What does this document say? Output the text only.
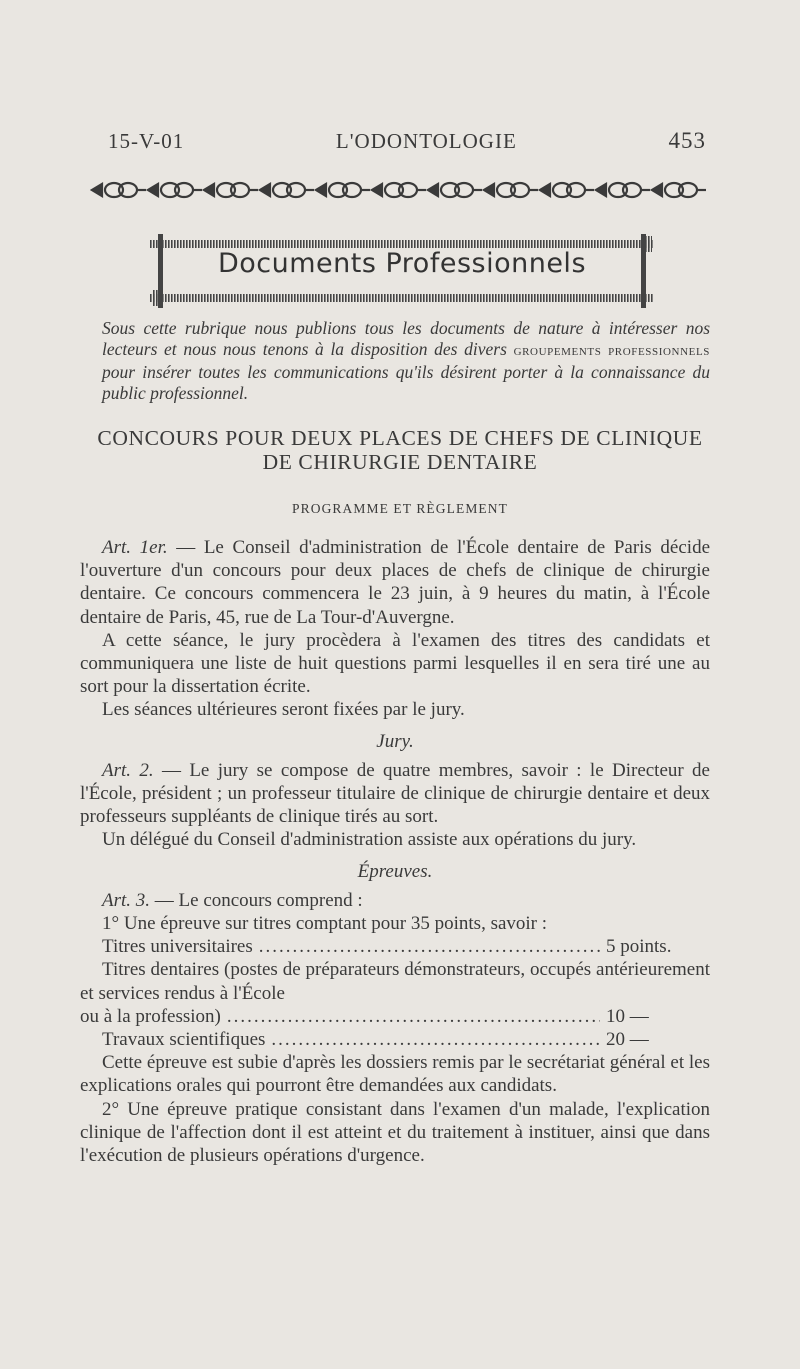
15-V-01	L'ODONTOLOGIE	453
Documents Professionnels
Sous cette rubrique nous publions tous les documents de nature à intéresser nos lecteurs et nous nous tenons à la disposition des divers groupements professionnels pour insérer toutes les communications qu'ils désirent porter à la connaissance du public professionnel.
CONCOURS POUR DEUX PLACES DE CHEFS DE CLINIQUE
DE CHIRURGIE DENTAIRE
PROGRAMME ET RÈGLEMENT

Art. 1er. — Le Conseil d'administration de l'École dentaire de Paris décide l'ouverture d'un concours pour deux places de chefs de clinique de chirurgie dentaire. Ce concours commencera le 23 juin, à 9 heures du matin, à l'École dentaire de Paris, 45, rue de La Tour-d'Auvergne.

A cette séance, le jury procèdera à l'examen des titres des candidats et communiquera une liste de huit questions parmi lesquelles il en sera tiré une au sort pour la dissertation écrite.

Les séances ultérieures seront fixées par le jury.

Jury.

Art. 2. — Le jury se compose de quatre membres, savoir : le Directeur de l'École, président ; un professeur titulaire de clinique de chirurgie dentaire et deux professeurs suppléants de clinique tirés au sort.

Un délégué du Conseil d'administration assiste aux opérations du jury.

Épreuves.

Art. 3. — Le concours comprend :

1° Une épreuve sur titres comptant pour 35 points, savoir :

Titres universitaires .....	5 points.

Titres dentaires (postes de préparateurs démonstrateurs, occupés antérieurement et services rendus à l'École

ou à la profession) .....	10 —
Travaux scientifiques .....	20 —

Cette épreuve est subie d'après les dossiers remis par le secrétariat général et les explications orales qui pourront être demandées aux candidats.

2° Une épreuve pratique consistant dans l'examen d'un malade, l'explication clinique de l'affection dont il est atteint et du traitement à instituer, ainsi que dans l'exécution de plusieurs opérations d'urgence.
